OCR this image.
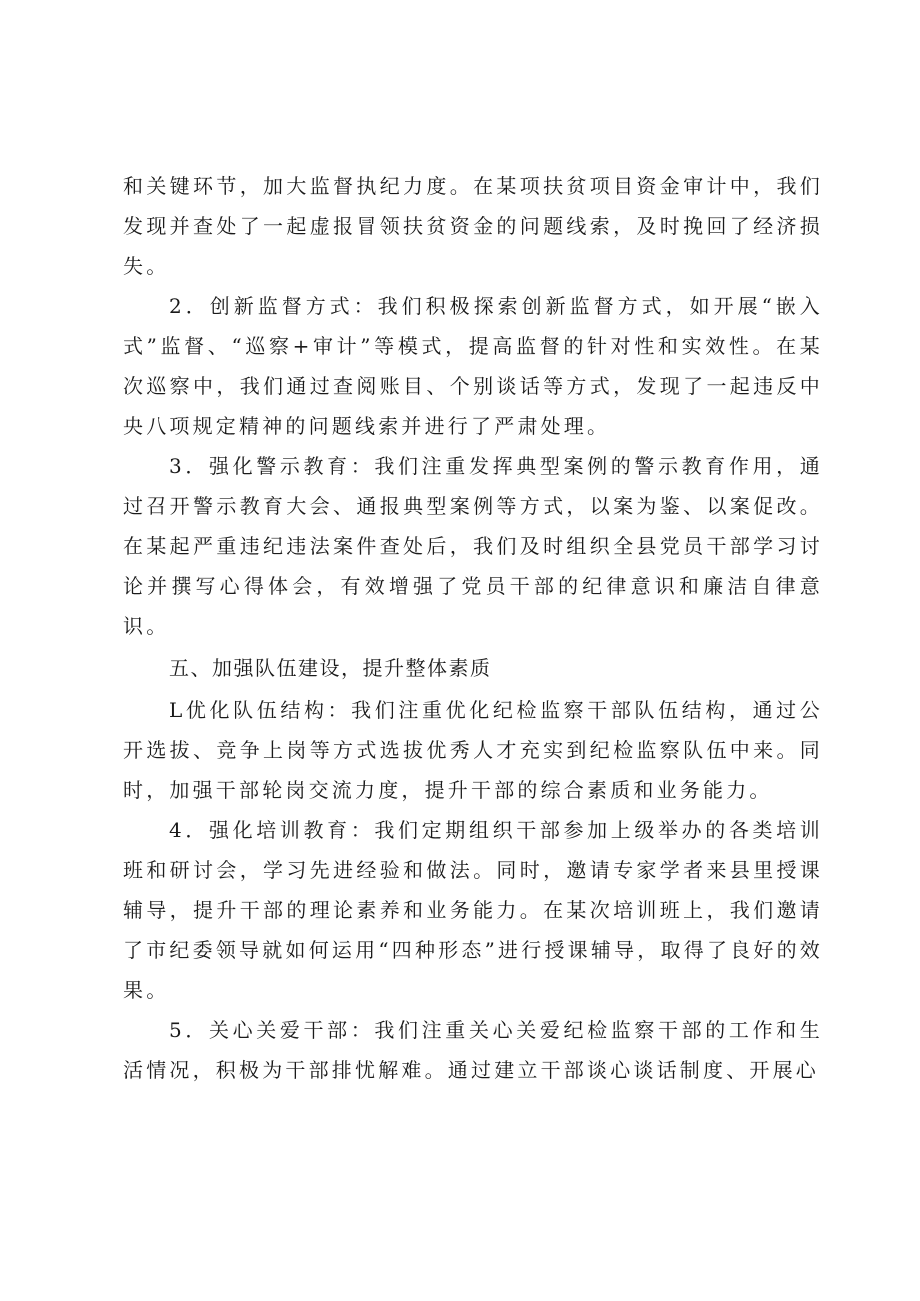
和关键环节，加大监督执纪力度。在某项扶贫项目资金审计中，我们发现并查处了一起虚报冒领扶贫资金的问题线索，及时挽回了经济损失。

2．创新监督方式：我们积极探索创新监督方式，如开展“嵌入式”监督、“巡察+审计”等模式，提高监督的针对性和实效性。在某次巡察中，我们通过查阅账目、个别谈话等方式，发现了一起违反中央八项规定精神的问题线索并进行了严肃处理。

3．强化警示教育：我们注重发挥典型案例的警示教育作用，通过召开警示教育大会、通报典型案例等方式，以案为鉴、以案促改。在某起严重违纪违法案件查处后，我们及时组织全县党员干部学习讨论并撰写心得体会，有效增强了党员干部的纪律意识和廉洁自律意识。

五、加强队伍建设，提升整体素质

L优化队伍结构：我们注重优化纪检监察干部队伍结构，通过公开选拔、竞争上岗等方式选拔优秀人才充实到纪检监察队伍中来。同时，加强干部轮岗交流力度，提升干部的综合素质和业务能力。

4．强化培训教育：我们定期组织干部参加上级举办的各类培训班和研讨会，学习先进经验和做法。同时，邀请专家学者来县里授课辅导，提升干部的理论素养和业务能力。在某次培训班上，我们邀请了市纪委领导就如何运用“四种形态”进行授课辅导，取得了良好的效果。

5．关心关爱干部：我们注重关心关爱纪检监察干部的工作和生活情况，积极为干部排忧解难。通过建立干部谈心谈话制度、开展心
